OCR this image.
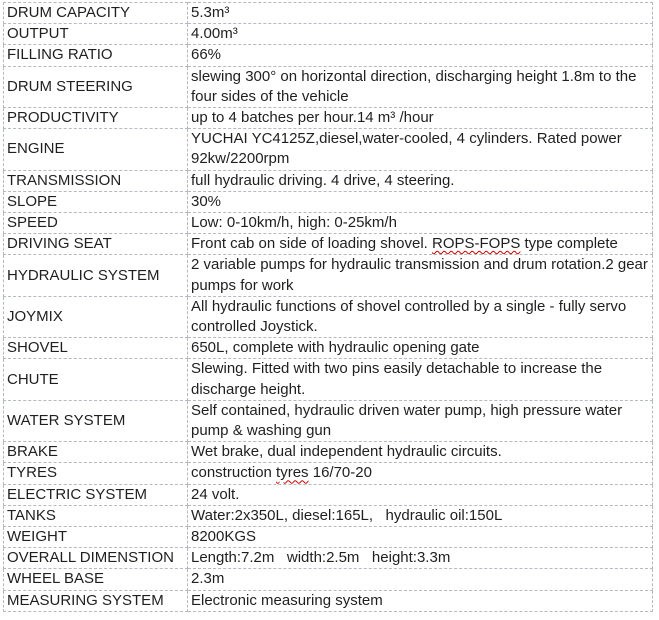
DRUM CAPACITY	5.3m³
OUTPUT	4.00m³
FILLING RATIO	66%
DRUM STEERING	slewing 300° on horizontal direction, discharging height 1.8m to the four sides of the vehicle
PRODUCTIVITY	up to 4 batches per hour.14 m³ /hour
ENGINE	YUCHAI YC4125Z,diesel,water-cooled, 4 cylinders. Rated power 92kw/2200rpm
TRANSMISSION	full hydraulic driving. 4 drive, 4 steering.
SLOPE	30%
SPEED	Low: 0-10km/h, high: 0-25km/h
DRIVING SEAT	Front cab on side of loading shovel. ROPS-FOPS type complete
HYDRAULIC SYSTEM	2 variable pumps for hydraulic transmission and drum rotation.2 gear pumps for work
JOYMIX	All hydraulic functions of shovel controlled by a single - fully servo controlled Joystick.
SHOVEL	650L, complete with hydraulic opening gate
CHUTE	Slewing. Fitted with two pins easily detachable to increase the discharge height.
WATER SYSTEM	Self contained, hydraulic driven water pump, high pressure water pump & washing gun
BRAKE	Wet brake, dual independent hydraulic circuits.
TYRES	construction tyres 16/70-20
ELECTRIC SYSTEM	24 volt.
TANKS	Water:2x350L, diesel:165L,   hydraulic oil:150L
WEIGHT	8200KGS
OVERALL DIMENSTION	Length:7.2m   width:2.5m   height:3.3m
WHEEL BASE	2.3m
MEASURING SYSTEM	Electronic measuring system
